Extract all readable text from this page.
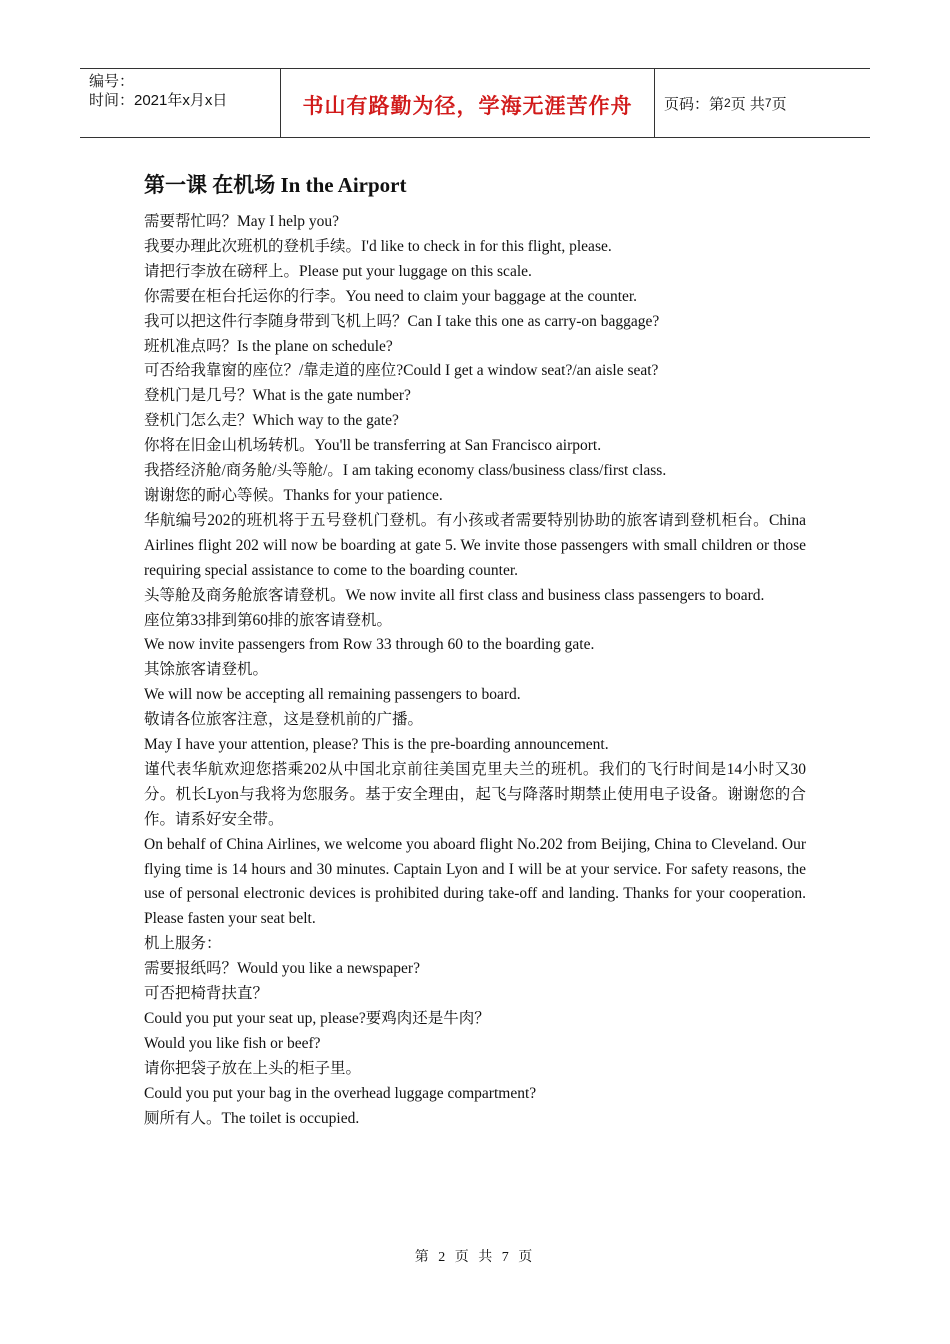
编号：
时间：2021年x月x日	书山有路勤为径，学海无涯苦作舟 页码：第 2 页 共 7 页
第一课 在机场 In the Airport

需要帮忙吗？May I help you?

我要办理此次班机的登机手续。I'd like to check in for this flight, please.

请把行李放在磅秤上。Please put your luggage on this scale.

你需要在柜台托运你的行李。You need to claim your baggage at the counter.

我可以把这件行李随身带到飞机上吗？Can I take this one as carry-on baggage?

班机准点吗？Is the plane on schedule?

可否给我靠窗的座位？/靠走道的座位?Could I get a window seat?/an aisle seat?

登机门是几号？What is the gate number?

登机门怎么走？Which way to the gate?

你将在旧金山机场转机。You'll be transferring at San Francisco airport.

我搭经济舱/商务舱/头等舱/。I am taking economy class/business class/first class.

谢谢您的耐心等候。Thanks for your patience.

华航编号202的班机将于五号登机门登机。有小孩或者需要特别协助的旅客请到登机柜台。China Airlines flight 202 will now be boarding at gate 5. We invite those passengers with small children or those requiring special assistance to come to the boarding counter.

头等舱及商务舱旅客请登机。We now invite all first class and business class passengers to board.

座位第33排到第60排的旅客请登机。

We now invite passengers from Row 33 through 60 to the boarding gate.

其馀旅客请登机。

We will now be accepting all remaining passengers to board.

敬请各位旅客注意，这是登机前的广播。

May I have your attention, please? This is the pre-boarding announcement.

谨代表华航欢迎您搭乘202从中国北京前往美国克里夫兰的班机。我们的飞行时间是14小时又30分。机长Lyon与我将为您服务。基于安全理由，起飞与降落时期禁止使用电子设备。谢谢您的合作。请系好安全带。

On behalf of China Airlines, we welcome you aboard flight No.202 from Beijing, China to Cleveland. Our flying time is 14 hours and 30 minutes. Captain Lyon and I will be at your service. For safety reasons, the use of personal electronic devices is prohibited during take-off and landing. Thanks for your cooperation. Please fasten your seat belt.

机上服务：

需要报纸吗？Would you like a newspaper?

可否把椅背扶直？

Could you put your seat up, please?要鸡肉还是牛肉？

Would you like fish or beef?

请你把袋子放在上头的柜子里。

Could you put your bag in the overhead luggage compartment?

厕所有人。The toilet is occupied.

第 2 页 共 7 页
